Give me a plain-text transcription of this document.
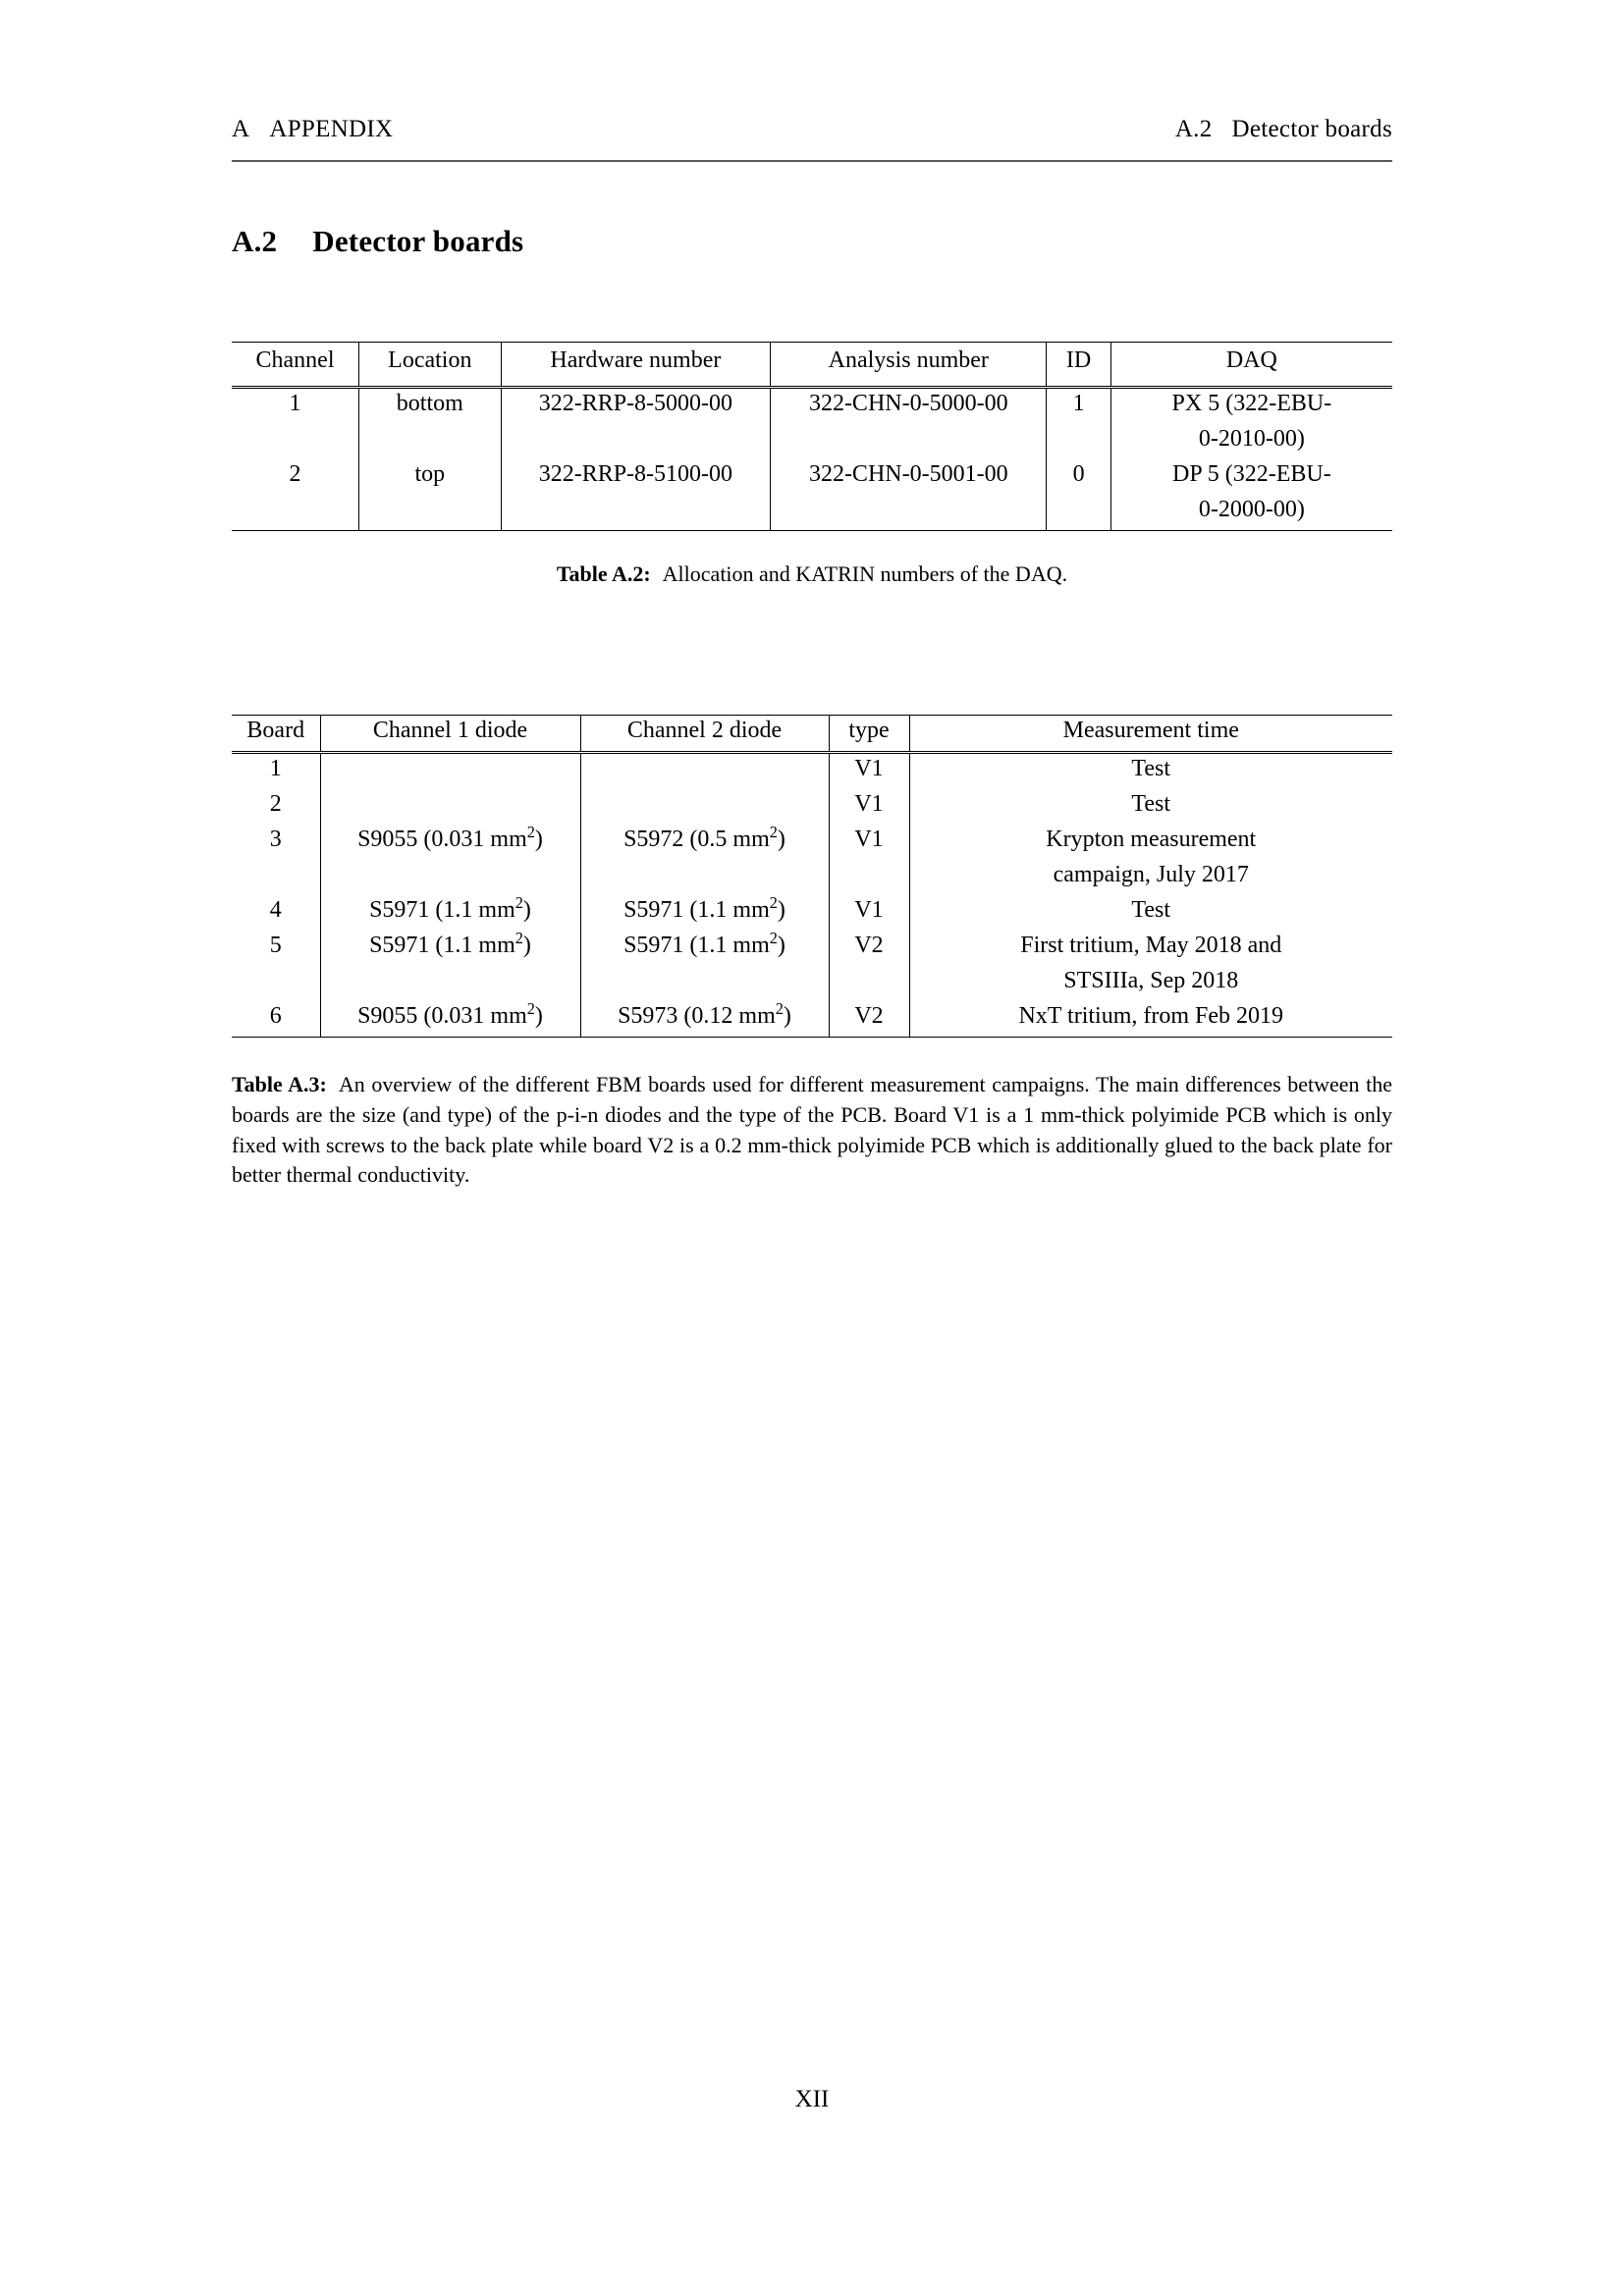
A APPENDIX	A.2 Detector boards
A.2 Detector boards
Channel	Location	Hardware number	Analysis number	ID	DAQ
1	bottom	322-RRP-8-5000-00	322-CHN-0-5000-00	1	PX 5 (322-EBU-
					0-2010-00)
2	top	322-RRP-8-5100-00	322-CHN-0-5001-00	0	DP 5 (322-EBU-
					0-2000-00)
Table A.2: Allocation and KATRIN numbers of the DAQ.
Board	Channel 1 diode	Channel 2 diode	type	Measurement time
1			V1	Test
2			V1	Test
3	S9055 (0.031 $mm^2$)	S5972 (0.5 $mm^2$)	V1	Krypton measurement
				campaign, July 2017
4	S5971 (1.1 $mm^2$)	S5971 (1.1 $mm^2$)	V1	Test
5	S5971 (1.1 $mm^2$)	S5971 (1.1 $mm^2$)	V2	First tritium, May 2018 and
				STSIIIa, Sep 2018
6	S9055 (0.031 $mm^2$)	S5973 (0.12 $mm^2$)	V2	NxT tritium, from Feb 2019
Table A.3: An overview of the different FBM boards used for different measurement campaigns. The main differences between the boards are the size (and type) of the p-i-n diodes and the type of the PCB. Board V1 is a 1 mm-thick polyimide PCB which is only fixed with screws to the back plate while board V2 is a 0.2 mm-thick polyimide PCB which is additionally glued to the back plate for better thermal conductivity.
XII
